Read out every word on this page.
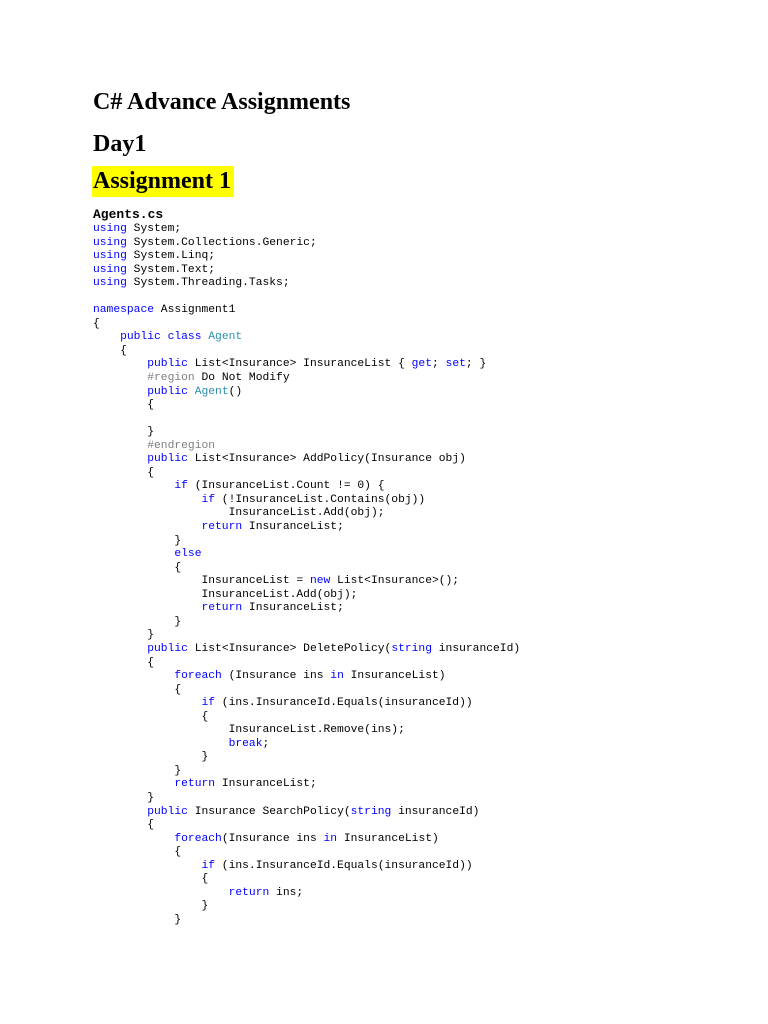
C# Advance Assignments
Day1
Assignment 1
Agents.cs
using System;
using System.Collections.Generic;
using System.Linq;
using System.Text;
using System.Threading.Tasks;

namespace Assignment1
{
public class Agent
{
public List<Insurance> InsuranceList { get; set; }
#region Do Not Modify
public Agent()
{

}
#endregion
public List<Insurance> AddPolicy(Insurance obj)
{
if (InsuranceList.Count != 0) {
if (!InsuranceList.Contains(obj))
InsuranceList.Add(obj);
return InsuranceList;
}
else
{
InsuranceList = new List<Insurance>();
InsuranceList.Add(obj);
return InsuranceList;
}
}
public List<Insurance> DeletePolicy(string insuranceId)
{
foreach (Insurance ins in InsuranceList)
{
if (ins.InsuranceId.Equals(insuranceId))
{
InsuranceList.Remove(ins);
break;
}
}
return InsuranceList;
}
public Insurance SearchPolicy(string insuranceId)
{
foreach(Insurance ins in InsuranceList)
{
if (ins.InsuranceId.Equals(insuranceId))
{
return ins;
}
}
